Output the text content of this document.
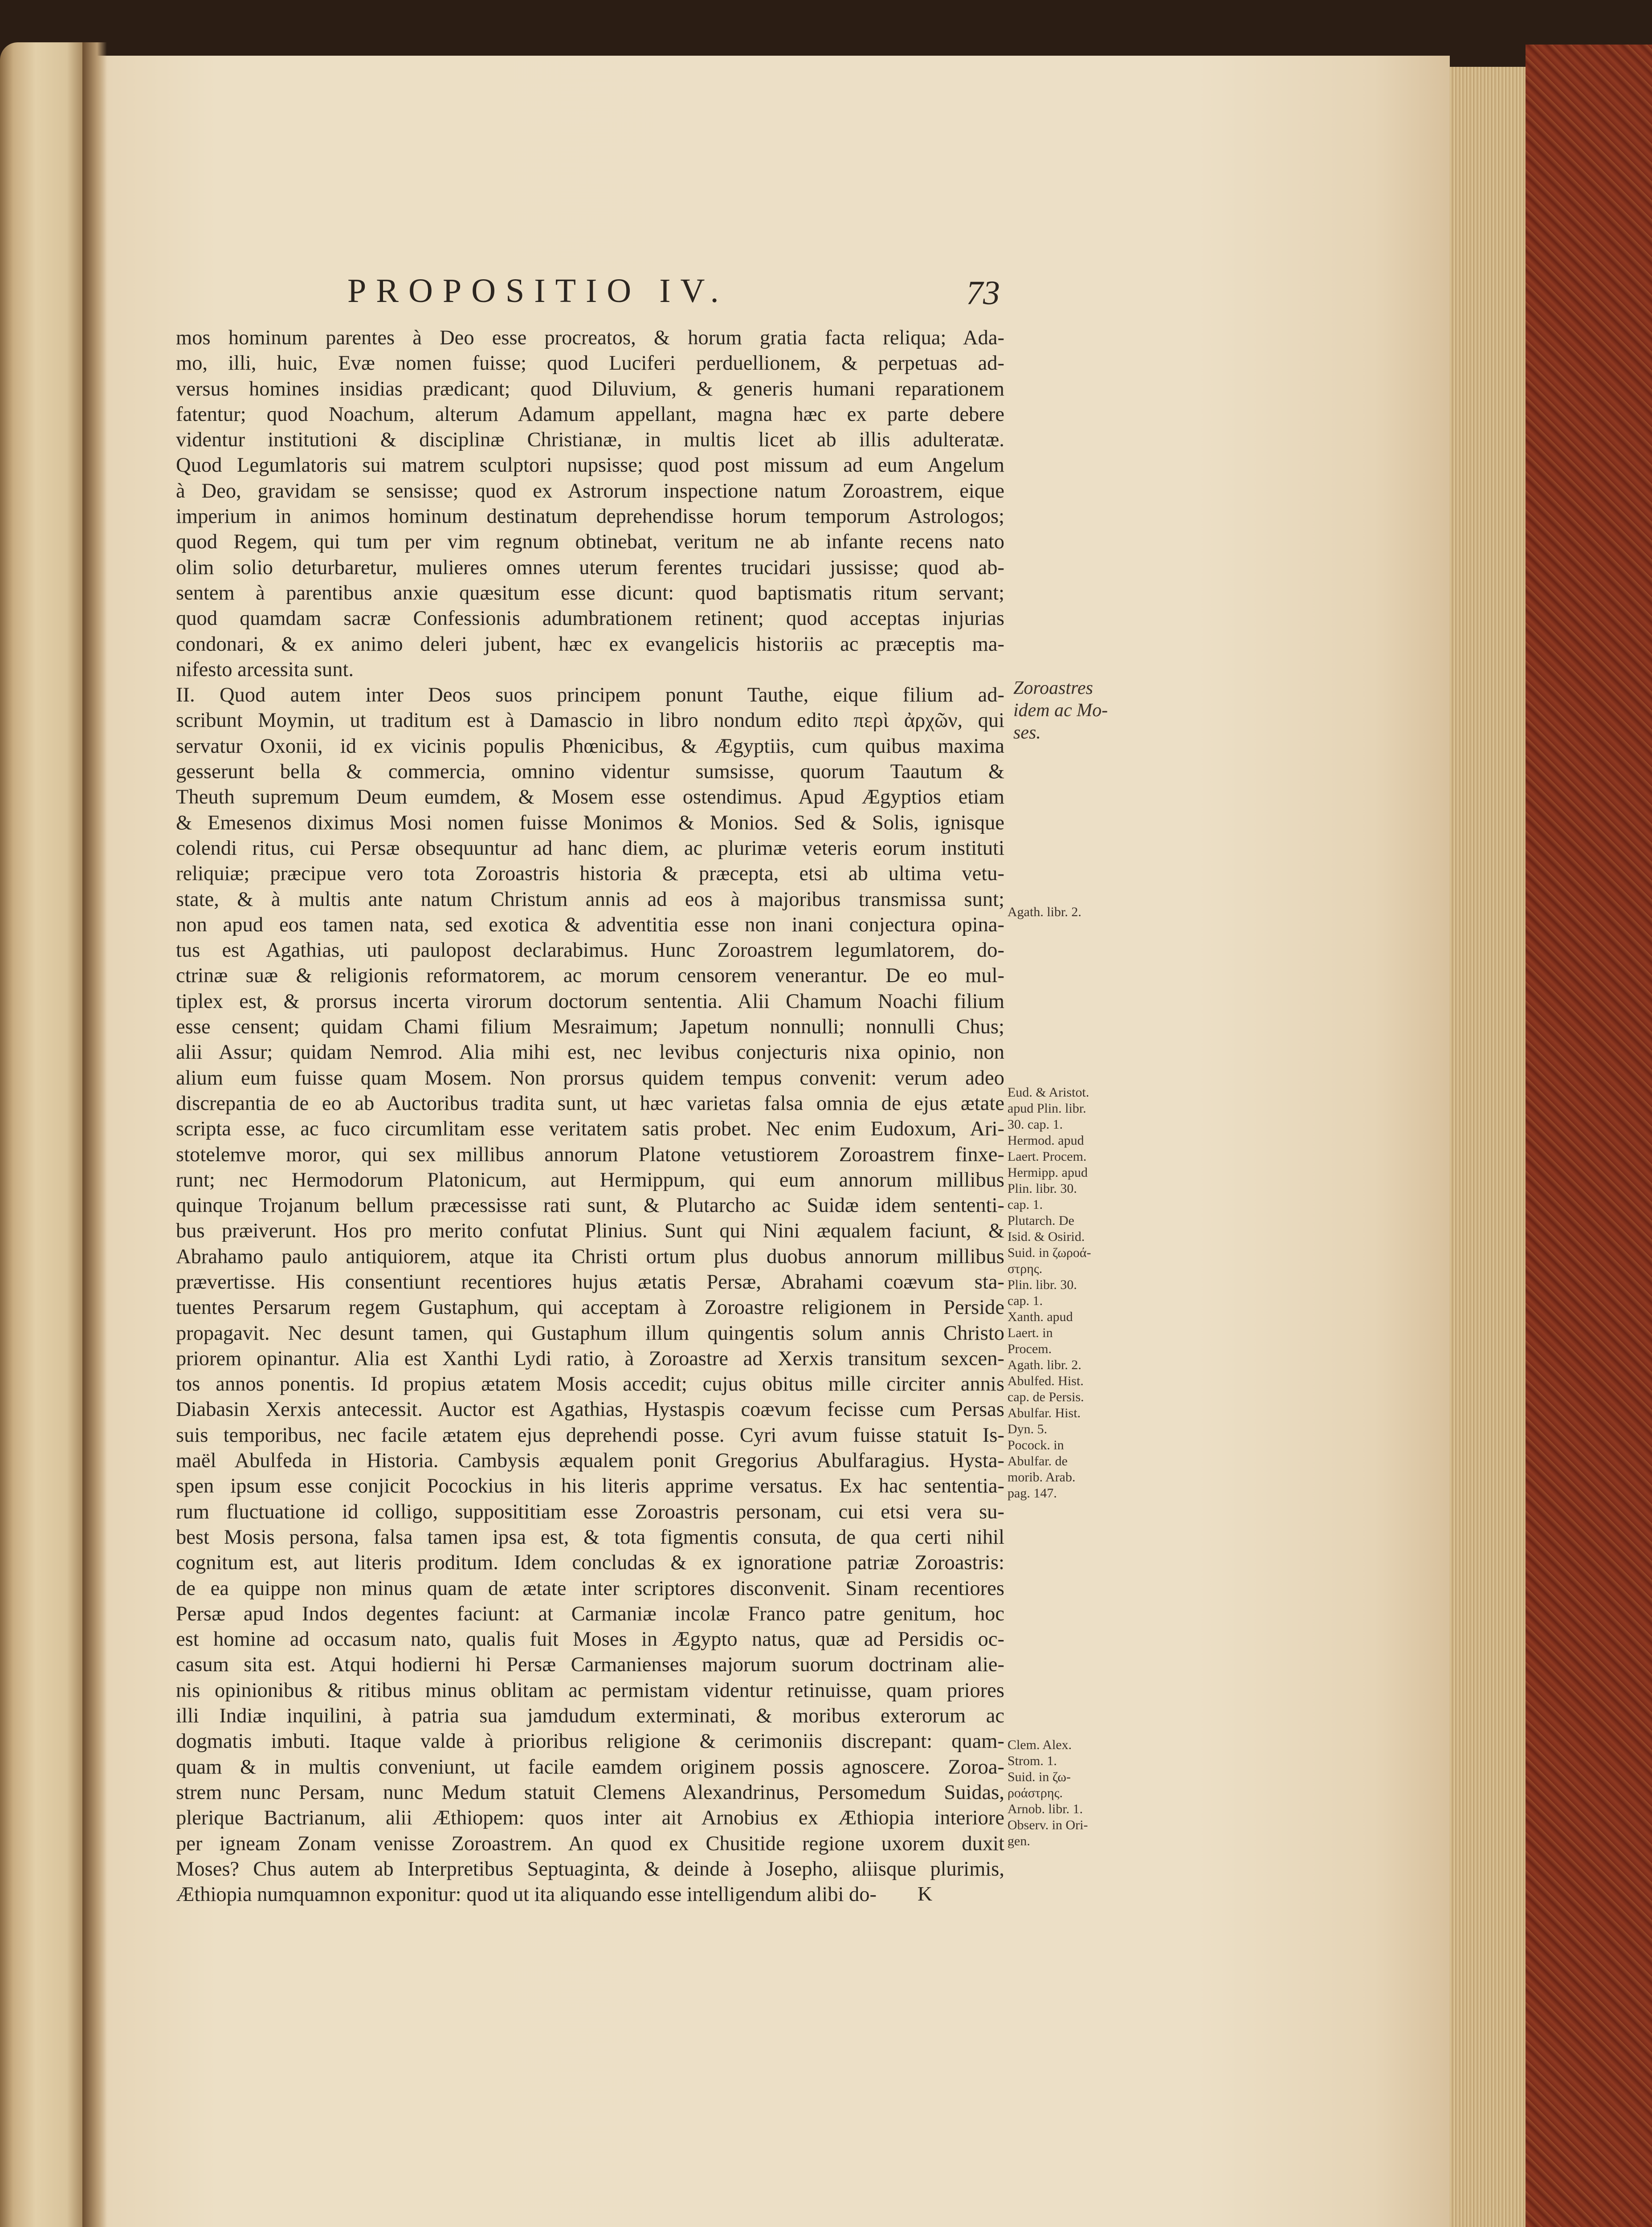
PROPOSITIO IV.	73
mos hominum parentes à Deo esse procreatos, & horum gratia facta reliqua; Ada-
mo, illi, huic, Evæ nomen fuisse; quod Luciferi perduellionem, & perpetuas ad-
versus homines insidias prædicant; quod Diluvium, & generis humani reparationem
fatentur; quod Noachum, alterum Adamum appellant, magna hæc ex parte debere
videntur institutioni & disciplinæ Christianæ, in multis licet ab illis adulteratæ.
Quod Legumlatoris sui matrem sculptori nupsisse; quod post missum ad eum Angelum
à Deo, gravidam se sensisse; quod ex Astrorum inspectione natum Zoroastrem, eique
imperium in animos hominum destinatum deprehendisse horum temporum Astrologos;
quod Regem, qui tum per vim regnum obtinebat, veritum ne ab infante recens nato
olim solio deturbaretur, mulieres omnes uterum ferentes trucidari jussisse; quod ab-
sentem à parentibus anxie quæsitum esse dicunt: quod baptismatis ritum servant;
quod quamdam sacræ Confessionis adumbrationem retinent; quod acceptas injurias
condonari, & ex animo deleri jubent, hæc ex evangelicis historiis ac præceptis ma-
nifesto arcessita sunt.
II. Quod autem inter Deos suos principem ponunt Tauthe, eique filium ad-
scribunt Moymin, ut traditum est à Damascio in libro nondum edito περὶ ἀρχῶν, qui
servatur Oxonii, id ex vicinis populis Phœnicibus, & Ægyptiis, cum quibus maxima
gesserunt bella & commercia, omnino videntur sumsisse, quorum Taautum &
Theuth supremum Deum eumdem, & Mosem esse ostendimus. Apud Ægyptios etiam
& Emesenos diximus Mosi nomen fuisse Monimos & Monios. Sed & Solis, ignisque
colendi ritus, cui Persæ obsequuntur ad hanc diem, ac plurimæ veteris eorum instituti
reliquiæ; præcipue vero tota Zoroastris historia & præcepta, etsi ab ultima vetu-
state, & à multis ante natum Christum annis ad eos à majoribus transmissa sunt;
non apud eos tamen nata, sed exotica & adventitia esse non inani conjectura opina-
tus est Agathias, uti paulopost declarabimus. Hunc Zoroastrem legumlatorem, do-
ctrinæ suæ & religionis reformatorem, ac morum censorem venerantur. De eo mul-
tiplex est, & prorsus incerta virorum doctorum sententia. Alii Chamum Noachi filium
esse censent; quidam Chami filium Mesraimum; Japetum nonnulli; nonnulli Chus;
alii Assur; quidam Nemrod. Alia mihi est, nec levibus conjecturis nixa opinio, non
alium eum fuisse quam Mosem. Non prorsus quidem tempus convenit: verum adeo
discrepantia de eo ab Auctoribus tradita sunt, ut hæc varietas falsa omnia de ejus ætate
scripta esse, ac fuco circumlitam esse veritatem satis probet. Nec enim Eudoxum, Ari-
stotelemve moror, qui sex millibus annorum Platone vetustiorem Zoroastrem finxe-
runt; nec Hermodorum Platonicum, aut Hermippum, qui eum annorum millibus
quinque Trojanum bellum præcessisse rati sunt, & Plutarcho ac Suidæ idem sententi-
bus præiverunt. Hos pro merito confutat Plinius. Sunt qui Nini æqualem faciunt, &
Abrahamo paulo antiquiorem, atque ita Christi ortum plus duobus annorum millibus
prævertisse. His consentiunt recentiores hujus ætatis Persæ, Abrahami coævum sta-
tuentes Persarum regem Gustaphum, qui acceptam à Zoroastre religionem in Perside
propagavit. Nec desunt tamen, qui Gustaphum illum quingentis solum annis Christo
priorem opinantur. Alia est Xanthi Lydi ratio, à Zoroastre ad Xerxis transitum sexcen-
tos annos ponentis. Id propius ætatem Mosis accedit; cujus obitus mille circiter annis
Diabasin Xerxis antecessit. Auctor est Agathias, Hystaspis coævum fecisse cum Persas
suis temporibus, nec facile ætatem ejus deprehendi posse. Cyri avum fuisse statuit Is-
maël Abulfeda in Historia. Cambysis æqualem ponit Gregorius Abulfaragius. Hysta-
spen ipsum esse conjicit Pocockius in his literis apprime versatus. Ex hac sententia-
rum fluctuatione id colligo, supposititiam esse Zoroastris personam, cui etsi vera su-
best Mosis persona, falsa tamen ipsa est, & tota figmentis consuta, de qua certi nihil
cognitum est, aut literis proditum. Idem concludas & ex ignoratione patriæ Zoroastris:
de ea quippe non minus quam de ætate inter scriptores disconvenit. Sinam recentiores
Persæ apud Indos degentes faciunt: at Carmaniæ incolæ Franco patre genitum, hoc
est homine ad occasum nato, qualis fuit Moses in Ægypto natus, quæ ad Persidis oc-
casum sita est. Atqui hodierni hi Persæ Carmanienses majorum suorum doctrinam alie-
nis opinionibus & ritibus minus oblitam ac permistam videntur retinuisse, quam priores
illi Indiæ inquilini, à patria sua jamdudum exterminati, & moribus exterorum ac
dogmatis imbuti. Itaque valde à prioribus religione & cerimoniis discrepant: quam-
quam & in multis conveniunt, ut facile eamdem originem possis agnoscere. Zoroa-
strem nunc Persam, nunc Medum statuit Clemens Alexandrinus, Persomedum Suidas,
plerique Bactrianum, alii Æthiopem: quos inter ait Arnobius ex Æthiopia interiore
per igneam Zonam venisse Zoroastrem. An quod ex Chusitide regione uxorem duxit
Moses? Chus autem ab Interpretibus Septuaginta, & deinde à Josepho, aliisque plurimis,
Æthiopia numquamnon exponitur: quod ut ita aliquando esse intelligendum alibi do-
Zoroastres
idem ac Mo-
ses.
Agath. libr. 2.
Eud. & Aristot.
apud Plin. libr.
30. cap. 1.
Hermod. apud
Laert. Procem.
Hermipp. apud
Plin. libr. 30.
cap. 1.
Plutarch. De
Isid. & Osirid.
Suid. in ζωροά-
στρης.
Plin. libr. 30.
cap. 1.
Xanth. apud
Laert. in
Procem.
Agath. libr. 2.
Abulfed. Hist.
cap. de Persis.
Abulfar. Hist.
Dyn. 5.
Pocock. in
Abulfar. de
morib. Arab.
pag. 147.
Clem. Alex.
Strom. 1.
Suid. in ζω-
ροάστρης.
Arnob. libr. 1.
Observ. in Ori-
gen.
K
